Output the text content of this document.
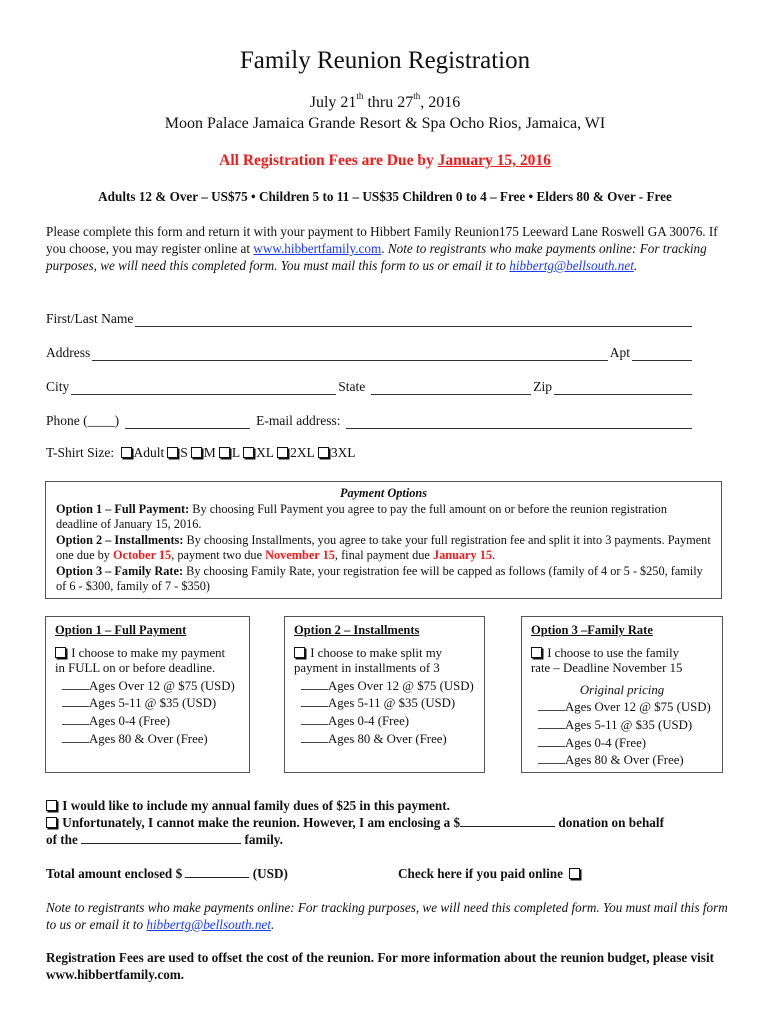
Family Reunion Registration
July 21th thru 27th, 2016
Moon Palace Jamaica Grande Resort & Spa Ocho Rios, Jamaica, WI
All Registration Fees are Due by January 15, 2016
Adults 12 & Over – US$75 • Children 5 to 11 – US$35 Children 0 to 4 – Free • Elders 80 & Over - Free
Please complete this form and return it with your payment to Hibbert Family Reunion175 Leeward Lane Roswell GA 30076. If you choose, you may register online at www.hibbertfamily.com. Note to registrants who make payments online: For tracking purposes, we will need this completed form. You must mail this form to us or email it to hibbertg@bellsouth.net.
First/Last Name
Address	Apt
City	State	Zip
Phone (____)	E-mail address:
T-Shirt Size: Adult S M L XL 2XL 3XL
Payment Options
Option 1 – Full Payment: By choosing Full Payment you agree to pay the full amount on or before the reunion registration deadline of January 15, 2016.
Option 2 – Installments: By choosing Installments, you agree to take your full registration fee and split it into 3 payments. Payment one due by October 15, payment two due November 15, final payment due January 15.
Option 3 – Family Rate: By choosing Family Rate, your registration fee will be capped as follows (family of 4 or 5 - $250, family of 6 - $300, family of 7 - $350)
Option 1 – Full Payment
I choose to make my payment
in FULL on or before deadline.
Ages Over 12 @ $75 (USD)
Ages 5-11 @ $35 (USD)
Ages 0-4 (Free)
Ages 80 & Over (Free)
Option 2 – Installments
I choose to make split my
payment in installments of 3
Ages Over 12 @ $75 (USD)
Ages 5-11 @ $35 (USD)
Ages 0-4 (Free)
Ages 80 & Over (Free)
Option 3 –Family Rate
I choose to use the family
rate – Deadline November 15
Original pricing
Ages Over 12 @ $75 (USD)
Ages 5-11 @ $35 (USD)
Ages 0-4 (Free)
Ages 80 & Over (Free)
I would like to include my annual family dues of $25 in this payment.
Unfortunately, I cannot make the reunion. However, I am enclosing a $	donation on behalf
of the	family.
Total amount enclosed $	(USD)	Check here if you paid online
Note to registrants who make payments online: For tracking purposes, we will need this completed form. You must mail this form to us or email it to hibbertg@bellsouth.net.
Registration Fees are used to offset the cost of the reunion. For more information about the reunion budget, please visit www.hibbertfamily.com.
